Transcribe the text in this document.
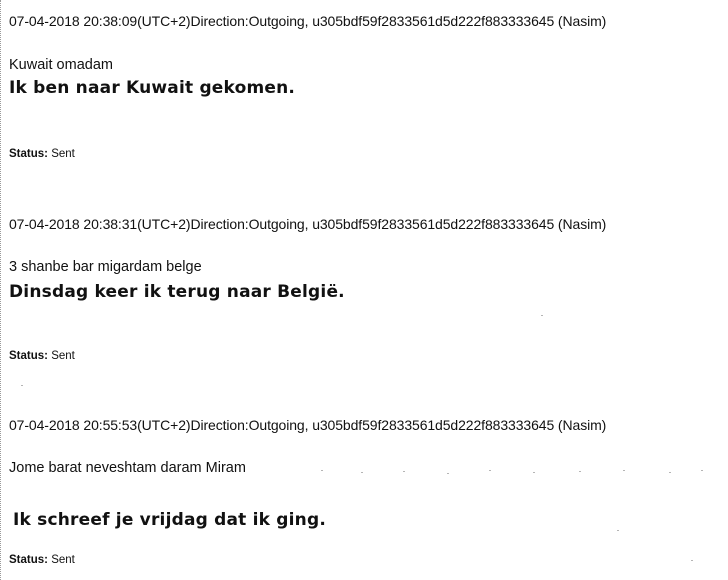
07-04-2018 20:38:09(UTC+2)Direction:Outgoing, u305bdf59f2833561d5d222f883333645 (Nasim)
Kuwait omadam
Ik ben naar Kuwait gekomen.
Status: Sent
07-04-2018 20:38:31(UTC+2)Direction:Outgoing, u305bdf59f2833561d5d222f883333645 (Nasim)
3 shanbe bar migardam belge
Dinsdag keer ik terug naar België.
Status: Sent
07-04-2018 20:55:53(UTC+2)Direction:Outgoing, u305bdf59f2833561d5d222f883333645 (Nasim)
Jome barat neveshtam daram Miram
Ik schreef je vrijdag dat ik ging.
Status: Sent
